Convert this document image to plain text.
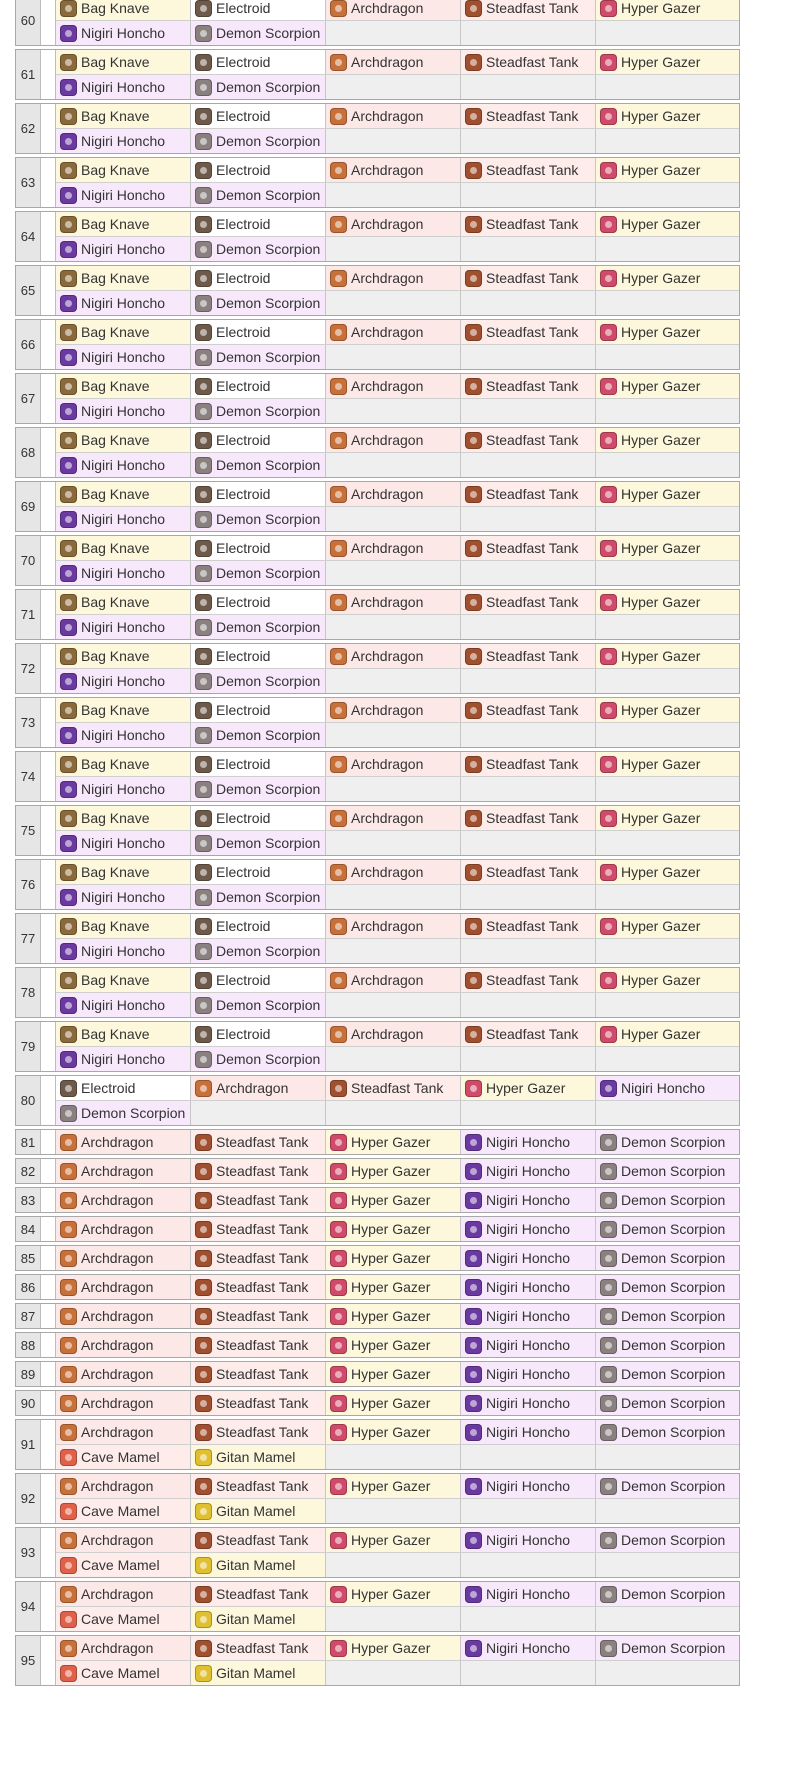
60
Bag Knave	Electroid	Archdragon	Steadfast Tank	Hyper Gazer
Nigiri Honcho	Demon Scorpion
61
Bag Knave	Electroid	Archdragon	Steadfast Tank	Hyper Gazer
Nigiri Honcho	Demon Scorpion
62
Bag Knave	Electroid	Archdragon	Steadfast Tank	Hyper Gazer
Nigiri Honcho	Demon Scorpion
63
Bag Knave	Electroid	Archdragon	Steadfast Tank	Hyper Gazer
Nigiri Honcho	Demon Scorpion
64
Bag Knave	Electroid	Archdragon	Steadfast Tank	Hyper Gazer
Nigiri Honcho	Demon Scorpion
65
Bag Knave	Electroid	Archdragon	Steadfast Tank	Hyper Gazer
Nigiri Honcho	Demon Scorpion
66
Bag Knave	Electroid	Archdragon	Steadfast Tank	Hyper Gazer
Nigiri Honcho	Demon Scorpion
67
Bag Knave	Electroid	Archdragon	Steadfast Tank	Hyper Gazer
Nigiri Honcho	Demon Scorpion
68
Bag Knave	Electroid	Archdragon	Steadfast Tank	Hyper Gazer
Nigiri Honcho	Demon Scorpion
69
Bag Knave	Electroid	Archdragon	Steadfast Tank	Hyper Gazer
Nigiri Honcho	Demon Scorpion
70
Bag Knave	Electroid	Archdragon	Steadfast Tank	Hyper Gazer
Nigiri Honcho	Demon Scorpion
71
Bag Knave	Electroid	Archdragon	Steadfast Tank	Hyper Gazer
Nigiri Honcho	Demon Scorpion
72
Bag Knave	Electroid	Archdragon	Steadfast Tank	Hyper Gazer
Nigiri Honcho	Demon Scorpion
73
Bag Knave	Electroid	Archdragon	Steadfast Tank	Hyper Gazer
Nigiri Honcho	Demon Scorpion
74
Bag Knave	Electroid	Archdragon	Steadfast Tank	Hyper Gazer
Nigiri Honcho	Demon Scorpion
75
Bag Knave	Electroid	Archdragon	Steadfast Tank	Hyper Gazer
Nigiri Honcho	Demon Scorpion
76
Bag Knave	Electroid	Archdragon	Steadfast Tank	Hyper Gazer
Nigiri Honcho	Demon Scorpion
77
Bag Knave	Electroid	Archdragon	Steadfast Tank	Hyper Gazer
Nigiri Honcho	Demon Scorpion
78
Bag Knave	Electroid	Archdragon	Steadfast Tank	Hyper Gazer
Nigiri Honcho	Demon Scorpion
79
Bag Knave	Electroid	Archdragon	Steadfast Tank	Hyper Gazer
Nigiri Honcho	Demon Scorpion
80
Electroid	Archdragon	Steadfast Tank	Hyper Gazer	Nigiri Honcho
Demon Scorpion
81	Archdragon	Steadfast Tank	Hyper Gazer	Nigiri Honcho	Demon Scorpion
82	Archdragon	Steadfast Tank	Hyper Gazer	Nigiri Honcho	Demon Scorpion
83	Archdragon	Steadfast Tank	Hyper Gazer	Nigiri Honcho	Demon Scorpion
84	Archdragon	Steadfast Tank	Hyper Gazer	Nigiri Honcho	Demon Scorpion
85	Archdragon	Steadfast Tank	Hyper Gazer	Nigiri Honcho	Demon Scorpion
86	Archdragon	Steadfast Tank	Hyper Gazer	Nigiri Honcho	Demon Scorpion
87	Archdragon	Steadfast Tank	Hyper Gazer	Nigiri Honcho	Demon Scorpion
88	Archdragon	Steadfast Tank	Hyper Gazer	Nigiri Honcho	Demon Scorpion
89	Archdragon	Steadfast Tank	Hyper Gazer	Nigiri Honcho	Demon Scorpion
90	Archdragon	Steadfast Tank	Hyper Gazer	Nigiri Honcho	Demon Scorpion
91
Archdragon	Steadfast Tank	Hyper Gazer	Nigiri Honcho	Demon Scorpion
Cave Mamel	Gitan Mamel
92
Archdragon	Steadfast Tank	Hyper Gazer	Nigiri Honcho	Demon Scorpion
Cave Mamel	Gitan Mamel
93
Archdragon	Steadfast Tank	Hyper Gazer	Nigiri Honcho	Demon Scorpion
Cave Mamel	Gitan Mamel
94
Archdragon	Steadfast Tank	Hyper Gazer	Nigiri Honcho	Demon Scorpion
Cave Mamel	Gitan Mamel
95
Archdragon	Steadfast Tank	Hyper Gazer	Nigiri Honcho	Demon Scorpion
Cave Mamel	Gitan Mamel
